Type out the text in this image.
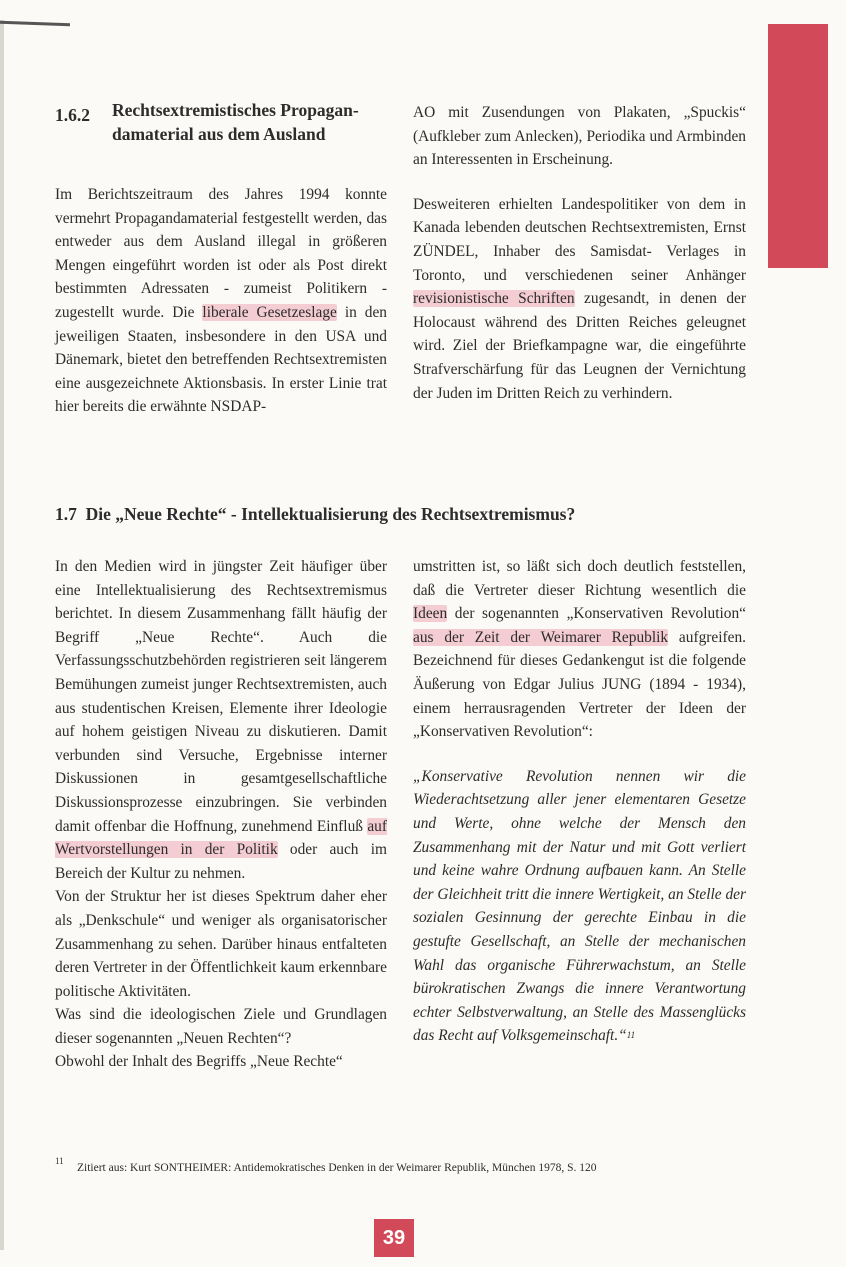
1.6.2 Rechtsextremistisches Propagan-damaterial aus dem Ausland

Im Berichtszeitraum des Jahres 1994 konnte vermehrt Propagandamaterial festgestellt werden, das entweder aus dem Ausland illegal in größeren Mengen eingeführt worden ist oder als Post direkt bestimmten Adressaten - zumeist Politikern - zugestellt wurde. Die liberale Gesetzeslage in den jeweiligen Staaten, insbesondere in den USA und Dänemark, bietet den betreffenden Rechtsextremisten eine ausgezeichnete Aktionsbasis. In erster Linie trat hier bereits die erwähnte NSDAP-

AO mit Zusendungen von Plakaten, „Spuckis“ (Aufkleber zum Anlecken), Periodika und Armbinden an Interessenten in Erscheinung.

Desweiteren erhielten Landespolitiker von dem in Kanada lebenden deutschen Rechtsextremisten, Ernst ZÜNDEL, Inhaber des Samisdat- Verlages in Toronto, und verschiedenen seiner Anhänger revisionistische Schriften zugesandt, in denen der Holocaust während des Dritten Reiches geleugnet wird. Ziel der Briefkampagne war, die eingeführte Strafverschärfung für das Leugnen der Vernichtung der Juden im Dritten Reich zu verhindern.

1.7 Die „Neue Rechte“ - Intellektualisierung des Rechtsextremismus?

In den Medien wird in jüngster Zeit häufiger über eine Intellektualisierung des Rechtsextremismus berichtet. In diesem Zusammenhang fällt häufig der Begriff „Neue Rechte“. Auch die Verfassungsschutzbehörden registrieren seit längerem Bemühungen zumeist junger Rechtsextremisten, auch aus studentischen Kreisen, Elemente ihrer Ideologie auf hohem geistigen Niveau zu diskutieren. Damit verbunden sind Versuche, Ergebnisse interner Diskussionen in gesamtgesellschaftliche Diskussionsprozesse einzubringen. Sie verbinden damit offenbar die Hoffnung, zunehmend Einfluß auf Wertvorstellungen in der Politik oder auch im Bereich der Kultur zu nehmen.

Von der Struktur her ist dieses Spektrum daher eher als „Denkschule“ und weniger als organisatorischer Zusammenhang zu sehen. Darüber hinaus entfalteten deren Vertreter in der Öffentlichkeit kaum erkennbare politische Aktivitäten.

Was sind die ideologischen Ziele und Grundlagen dieser sogenannten „Neuen Rechten“?

Obwohl der Inhalt des Begriffs „Neue Rechte“

umstritten ist, so läßt sich doch deutlich feststellen, daß die Vertreter dieser Richtung wesentlich die Ideen der sogenannten „Konservativen Revolution“ aus der Zeit der Weimarer Republik aufgreifen. Bezeichnend für dieses Gedankengut ist die folgende Äußerung von Edgar Julius JUNG (1894 - 1934), einem herrausragenden Vertreter der Ideen der „Konservativen Revolution“:

„Konservative Revolution nennen wir die Wiederachtsetzung aller jener elementaren Gesetze und Werte, ohne welche der Mensch den Zusammenhang mit der Natur und mit Gott verliert und keine wahre Ordnung aufbauen kann. An Stelle der Gleichheit tritt die innere Wertigkeit, an Stelle der sozialen Gesinnung der gerechte Einbau in die gestufte Gesellschaft, an Stelle der mechanischen Wahl das organische Führerwachstum, an Stelle bürokratischen Zwangs die innere Verantwortung echter Selbstverwaltung, an Stelle des Massenglücks das Recht auf Volksgemeinschaft.“$^{11}$

11
Zitiert aus: Kurt SONTHEIMER: Antidemokratisches Denken in der Weimarer Republik, München 1978, S. 120
39
